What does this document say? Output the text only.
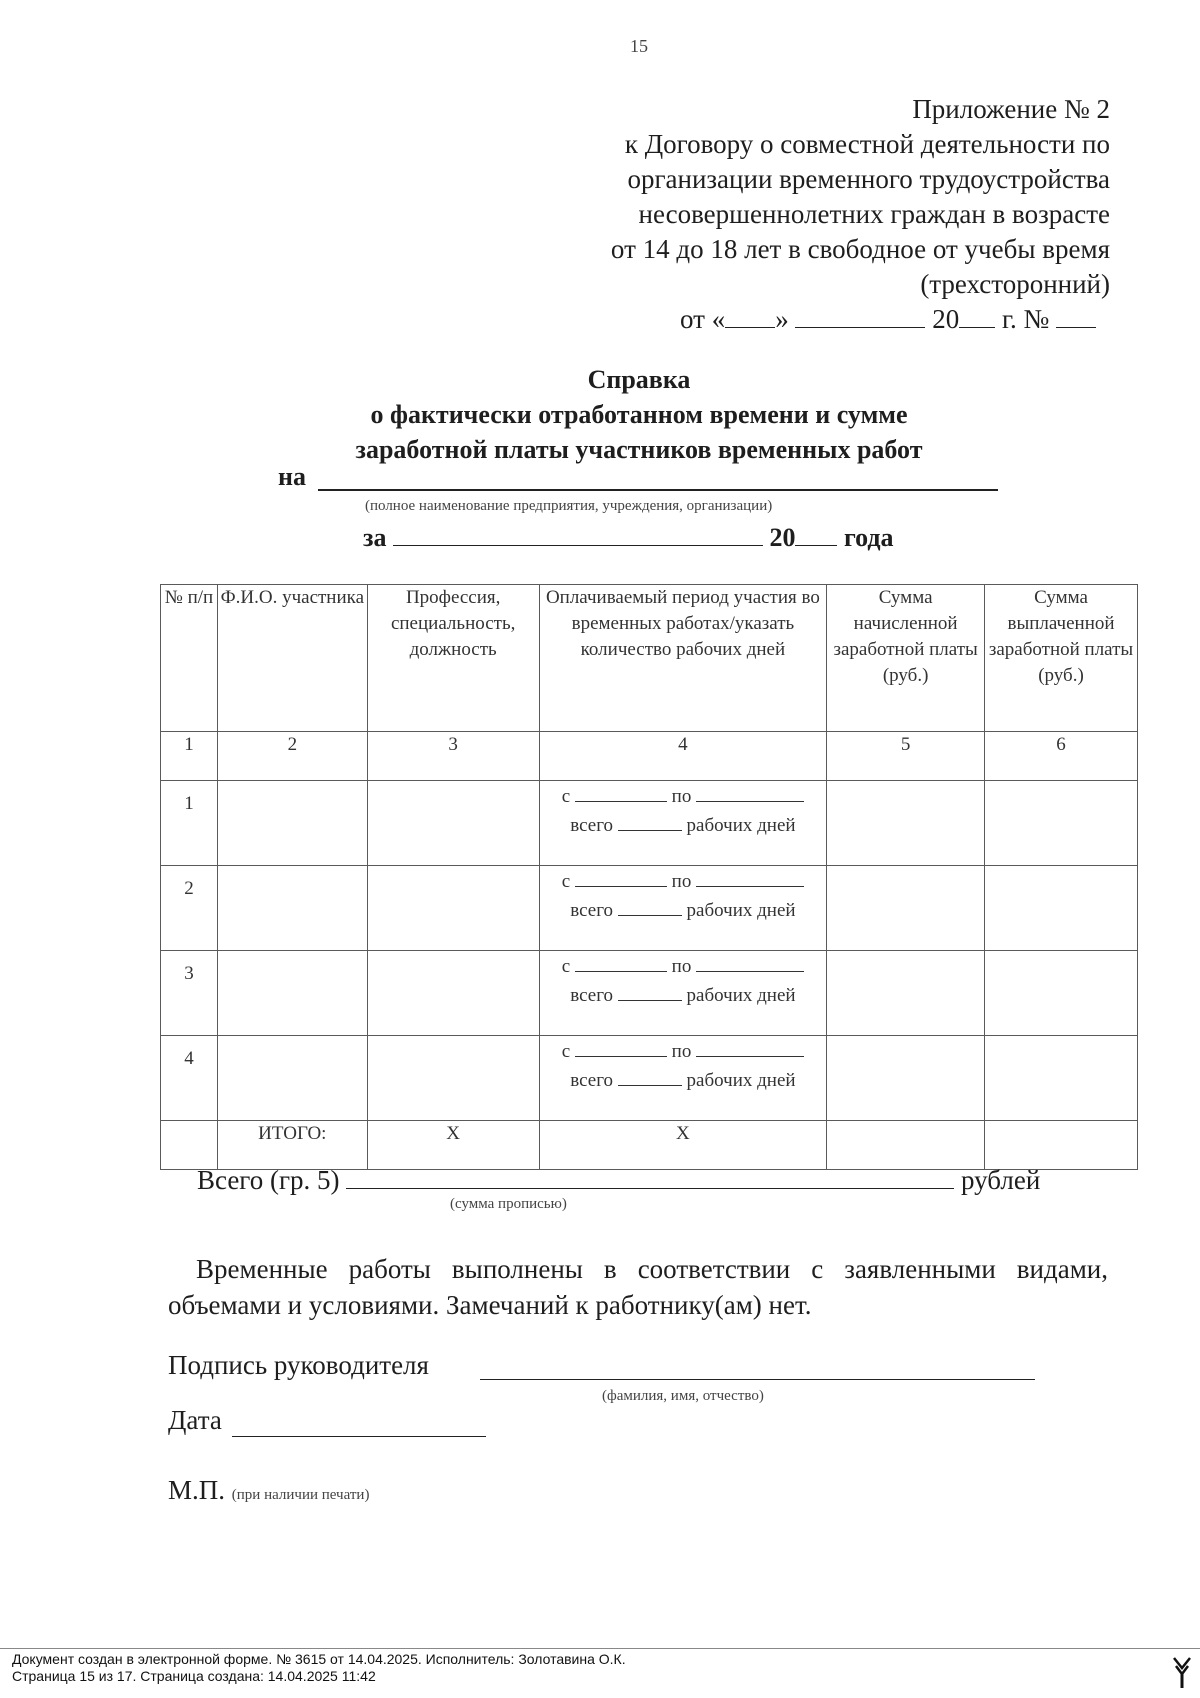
15
Приложение № 2
к Договору о совместной деятельности по
организации временного трудоустройства
несовершеннолетних граждан в возрасте
от 14 до 18 лет в свободное от учебы время
(трехсторонний)
от « »	20 г. №
Справка
о фактически отработанном времени и сумме
заработной платы участников временных работ
на
(полное наименование предприятия, учреждения, организации)
за	20 года
№ п/п	Ф.И.О. участника	Профессия, специальность, должность	Оплачиваемый период участия во временных работах/указать количество рабочих дней	Сумма начисленной заработной платы (руб.)	Сумма выплаченной заработной платы (руб.)
1	2	3	4	5	6
1			с по
всего рабочих дней		
2			с по
всего рабочих дней		
3			с по
всего рабочих дней		
4			с по
всего рабочих дней		
	ИТОГО:	Х	Х		
Всего (гр. 5)	рублей
(сумма прописью)
Временные работы выполнены в соответствии с заявленными видами, объемами и условиями. Замечаний к работнику(ам) нет.
Подпись руководителя
(фамилия, имя, отчество)
Дата
М.П. (при наличии печати)
Документ создан в электронной форме. № 3615 от 14.04.2025. Исполнитель: Золотавина О.К.
Страница 15 из 17. Страница создана: 14.04.2025 11:42
